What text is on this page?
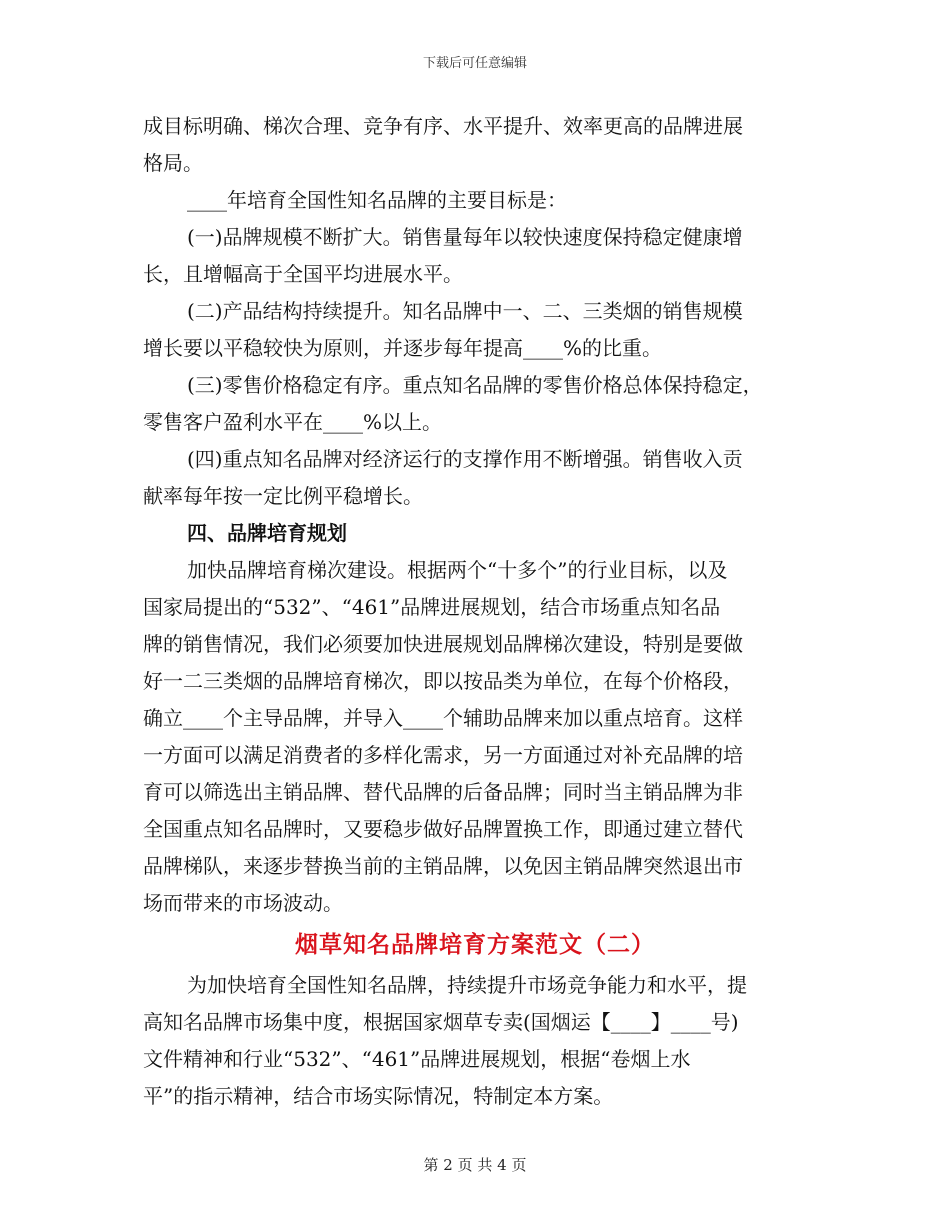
下载后可任意编辑
成目标明确、梯次合理、竞争有序、水平提升、效率更高的品牌进展
格局。
____年培育全国性知名品牌的主要目标是：
(一)品牌规模不断扩大。销售量每年以较快速度保持稳定健康增
长，且增幅高于全国平均进展水平。
(二)产品结构持续提升。知名品牌中一、二、三类烟的销售规模
增长要以平稳较快为原则，并逐步每年提高____%的比重。
(三)零售价格稳定有序。重点知名品牌的零售价格总体保持稳定，
零售客户盈利水平在____%以上。
(四)重点知名品牌对经济运行的支撑作用不断增强。销售收入贡
献率每年按一定比例平稳增长。
四、品牌培育规划
加快品牌培育梯次建设。根据两个“十多个”的行业目标，以及
国家局提出的“532”、“461”品牌进展规划，结合市场重点知名品
牌的销售情况，我们必须要加快进展规划品牌梯次建设，特别是要做
好一二三类烟的品牌培育梯次，即以按品类为单位，在每个价格段，
确立____个主导品牌，并导入____个辅助品牌来加以重点培育。这样
一方面可以满足消费者的多样化需求，另一方面通过对补充品牌的培
育可以筛选出主销品牌、替代品牌的后备品牌；同时当主销品牌为非
全国重点知名品牌时，又要稳步做好品牌置换工作，即通过建立替代
品牌梯队，来逐步替换当前的主销品牌，以免因主销品牌突然退出市
场而带来的市场波动。
烟草知名品牌培育方案范文（二）
为加快培育全国性知名品牌，持续提升市场竞争能力和水平，提
高知名品牌市场集中度，根据国家烟草专卖(国烟运【____】____号)
文件精神和行业“532”、“461”品牌进展规划，根据“卷烟上水
平”的指示精神，结合市场实际情况，特制定本方案。
第 2 页 共 4 页
